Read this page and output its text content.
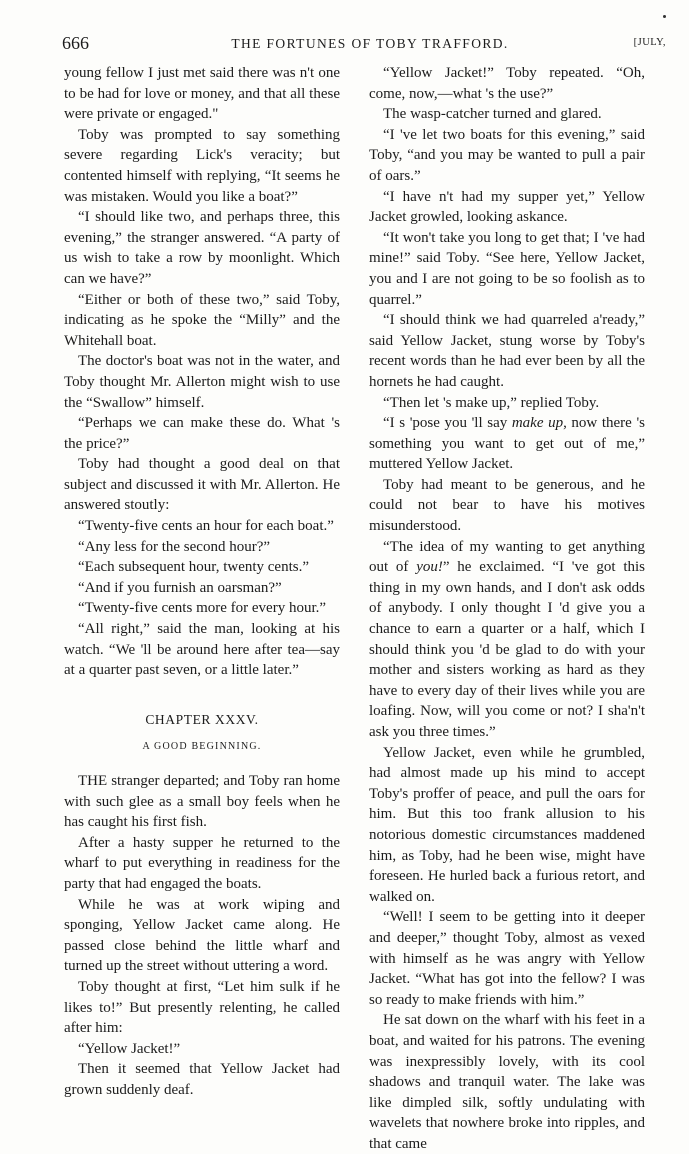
666	THE FORTUNES OF TOBY TRAFFORD.	[JULY,

young fellow I just met said there was n't one to be had for love or money, and that all these were private or engaged."

Toby was prompted to say something severe regarding Lick's veracity; but contented himself with replying, “It seems he was mistaken. Would you like a boat?”

“I should like two, and perhaps three, this evening,” the stranger answered. “A party of us wish to take a row by moonlight. Which can we have?”

“Either or both of these two,” said Toby, indicating as he spoke the “Milly” and the Whitehall boat.

The doctor's boat was not in the water, and Toby thought Mr. Allerton might wish to use the “Swallow” himself.

“Perhaps we can make these do. What 's the price?”

Toby had thought a good deal on that subject and discussed it with Mr. Allerton. He answered stoutly:

“Twenty-five cents an hour for each boat.”

“Any less for the second hour?”

“Each subsequent hour, twenty cents.”

“And if you furnish an oarsman?”

“Twenty-five cents more for every hour.”

“All right,” said the man, looking at his watch. “We 'll be around here after tea—say at a quarter past seven, or a little later.”

CHAPTER XXXV.
A GOOD BEGINNING.

THE stranger departed; and Toby ran home with such glee as a small boy feels when he has caught his first fish.

After a hasty supper he returned to the wharf to put everything in readiness for the party that had engaged the boats.

While he was at work wiping and sponging, Yellow Jacket came along. He passed close behind the little wharf and turned up the street without uttering a word.

Toby thought at first, “Let him sulk if he likes to!” But presently relenting, he called after him:

“Yellow Jacket!”

Then it seemed that Yellow Jacket had grown suddenly deaf.

“Yellow Jacket!” Toby repeated. “Oh, come, now,—what 's the use?”

The wasp-catcher turned and glared.

“I 've let two boats for this evening,” said Toby, “and you may be wanted to pull a pair of oars.”

“I have n't had my supper yet,” Yellow Jacket growled, looking askance.

“It won't take you long to get that; I 've had mine!” said Toby. “See here, Yellow Jacket, you and I are not going to be so foolish as to quarrel.”

“I should think we had quarreled a'ready,” said Yellow Jacket, stung worse by Toby's recent words than he had ever been by all the hornets he had caught.

“Then let 's make up,” replied Toby.

“I s 'pose you 'll say make up, now there 's something you want to get out of me,” muttered Yellow Jacket.

Toby had meant to be generous, and he could not bear to have his motives misunderstood.

“The idea of my wanting to get anything out of you!” he exclaimed. “I 've got this thing in my own hands, and I don't ask odds of anybody. I only thought I 'd give you a chance to earn a quarter or a half, which I should think you 'd be glad to do with your mother and sisters working as hard as they have to every day of their lives while you are loafing. Now, will you come or not? I sha'n't ask you three times.”

Yellow Jacket, even while he grumbled, had almost made up his mind to accept Toby's proffer of peace, and pull the oars for him. But this too frank allusion to his notorious domestic circumstances maddened him, as Toby, had he been wise, might have foreseen. He hurled back a furious retort, and walked on.

“Well! I seem to be getting into it deeper and deeper,” thought Toby, almost as vexed with himself as he was angry with Yellow Jacket. “What has got into the fellow? I was so ready to make friends with him.”

He sat down on the wharf with his feet in a boat, and waited for his patrons. The evening was inexpressibly lovely, with its cool shadows and tranquil water. The lake was like dimpled silk, softly undulating with wavelets that nowhere broke into ripples, and that came
